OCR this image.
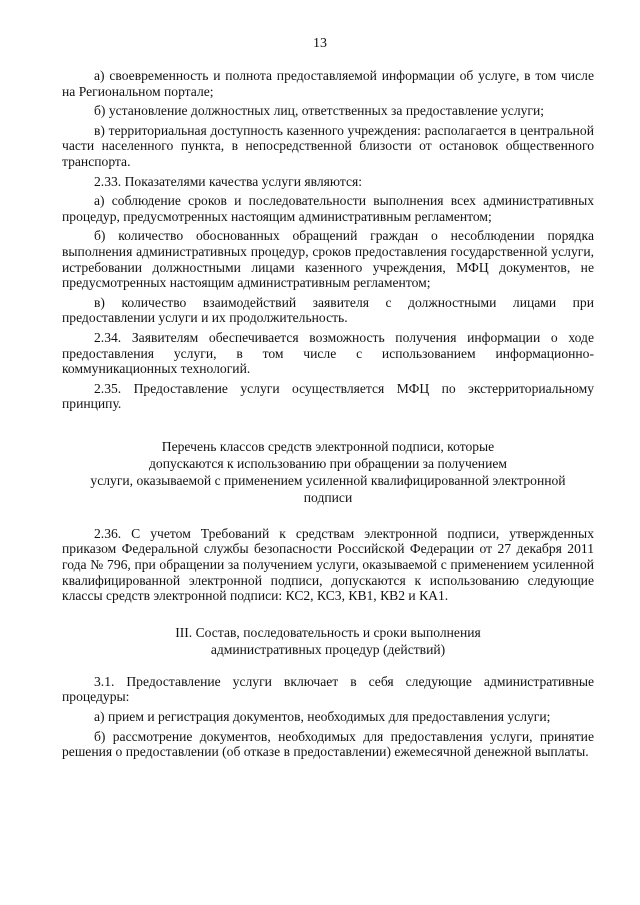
13

а) своевременность и полнота предоставляемой информации об услуге, в том числе на Региональном портале;

б) установление должностных лиц, ответственных за предоставление услуги;

в) территориальная доступность казенного учреждения: располагается в центральной части населенного пункта, в непосредственной близости от остановок общественного транспорта.

2.33. Показателями качества услуги являются:

а) соблюдение сроков и последовательности выполнения всех административных процедур, предусмотренных настоящим административным регламентом;

б) количество обоснованных обращений граждан о несоблюдении порядка выполнения административных процедур, сроков предоставления государственной услуги, истребовании должностными лицами казенного учреждения, МФЦ документов, не предусмотренных настоящим административным регламентом;

в) количество взаимодействий заявителя с должностными лицами при предоставлении услуги и их продолжительность.

2.34. Заявителям обеспечивается возможность получения информации о ходе предоставления услуги, в том числе с использованием информационно-коммуникационных технологий.

2.35. Предоставление услуги осуществляется МФЦ по экстерриториальному принципу.

Перечень классов средств электронной подписи, которые
допускаются к использованию при обращении за получением
услуги, оказываемой с применением усиленной квалифицированной электронной
подписи

2.36. С учетом Требований к средствам электронной подписи, утвержденных приказом Федеральной службы безопасности Российской Федерации от 27 декабря 2011 года № 796, при обращении за получением услуги, оказываемой с применением усиленной квалифицированной электронной подписи, допускаются к использованию следующие классы средств электронной подписи: КС2, КС3, КВ1, КВ2 и КА1.

III. Состав, последовательность и сроки выполнения
административных процедур (действий)

3.1. Предоставление услуги включает в себя следующие административные процедуры:

а) прием и регистрация документов, необходимых для предоставления услуги;

б) рассмотрение документов, необходимых для предоставления услуги, принятие решения о предоставлении (об отказе в предоставлении) ежемесячной денежной выплаты.
